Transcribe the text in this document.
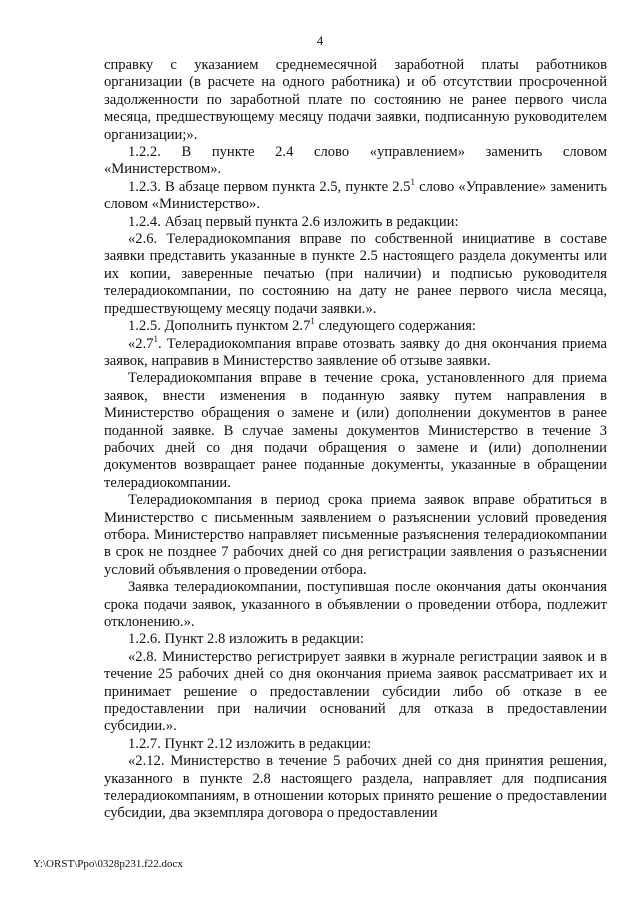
4

справку с указанием среднемесячной заработной платы работников организации (в расчете на одного работника) и об отсутствии просроченной задолженности по заработной плате по состоянию не ранее первого числа месяца, предшествующему месяцу подачи заявки, подписанную руководителем организации;».

1.2.2. В пункте 2.4 слово «управлением» заменить словом «Министерством».

1.2.3. В абзаце первом пункта 2.5, пункте $2.5^1$ слово «Управление» заменить словом «Министерство».

1.2.4. Абзац первый пункта 2.6 изложить в редакции:

«2.6. Телерадиокомпания вправе по собственной инициативе в составе заявки представить указанные в пункте 2.5 настоящего раздела документы или их копии, заверенные печатью (при наличии) и подписью руководителя телерадиокомпании, по состоянию на дату не ранее первого числа месяца, предшествующему месяцу подачи заявки.».

1.2.5. Дополнить пунктом $2.7^1$ следующего содержания:

«$2.7^1$. Телерадиокомпания вправе отозвать заявку до дня окончания приема заявок, направив в Министерство заявление об отзыве заявки.

Телерадиокомпания вправе в течение срока, установленного для приема заявок, внести изменения в поданную заявку путем направления в Министерство обращения о замене и (или) дополнении документов в ранее поданной заявке. В случае замены документов Министерство в течение 3 рабочих дней со дня подачи обращения о замене и (или) дополнении документов возвращает ранее поданные документы, указанные в обращении телерадиокомпании.

Телерадиокомпания в период срока приема заявок вправе обратиться в Министерство с письменным заявлением о разъяснении условий проведения отбора. Министерство направляет письменные разъяснения телерадиокомпании в срок не позднее 7 рабочих дней со дня регистрации заявления о разъяснении условий объявления о проведении отбора.

Заявка телерадиокомпании, поступившая после окончания даты окончания срока подачи заявок, указанного в объявлении о проведении отбора, подлежит отклонению.».

1.2.6. Пункт 2.8 изложить в редакции:

«2.8. Министерство регистрирует заявки в журнале регистрации заявок и в течение 25 рабочих дней со дня окончания приема заявок рассматривает их и принимает решение о предоставлении субсидии либо об отказе в ее предоставлении при наличии оснований для отказа в предоставлении субсидии.».

1.2.7. Пункт 2.12 изложить в редакции:

«2.12. Министерство в течение 5 рабочих дней со дня принятия решения, указанного в пункте 2.8 настоящего раздела, направляет для подписания телерадиокомпаниям, в отношении которых принято решение о предоставлении субсидии, два экземпляра договора о предоставлении

Y:\ORST\Ppo\0328p231.f22.docx
